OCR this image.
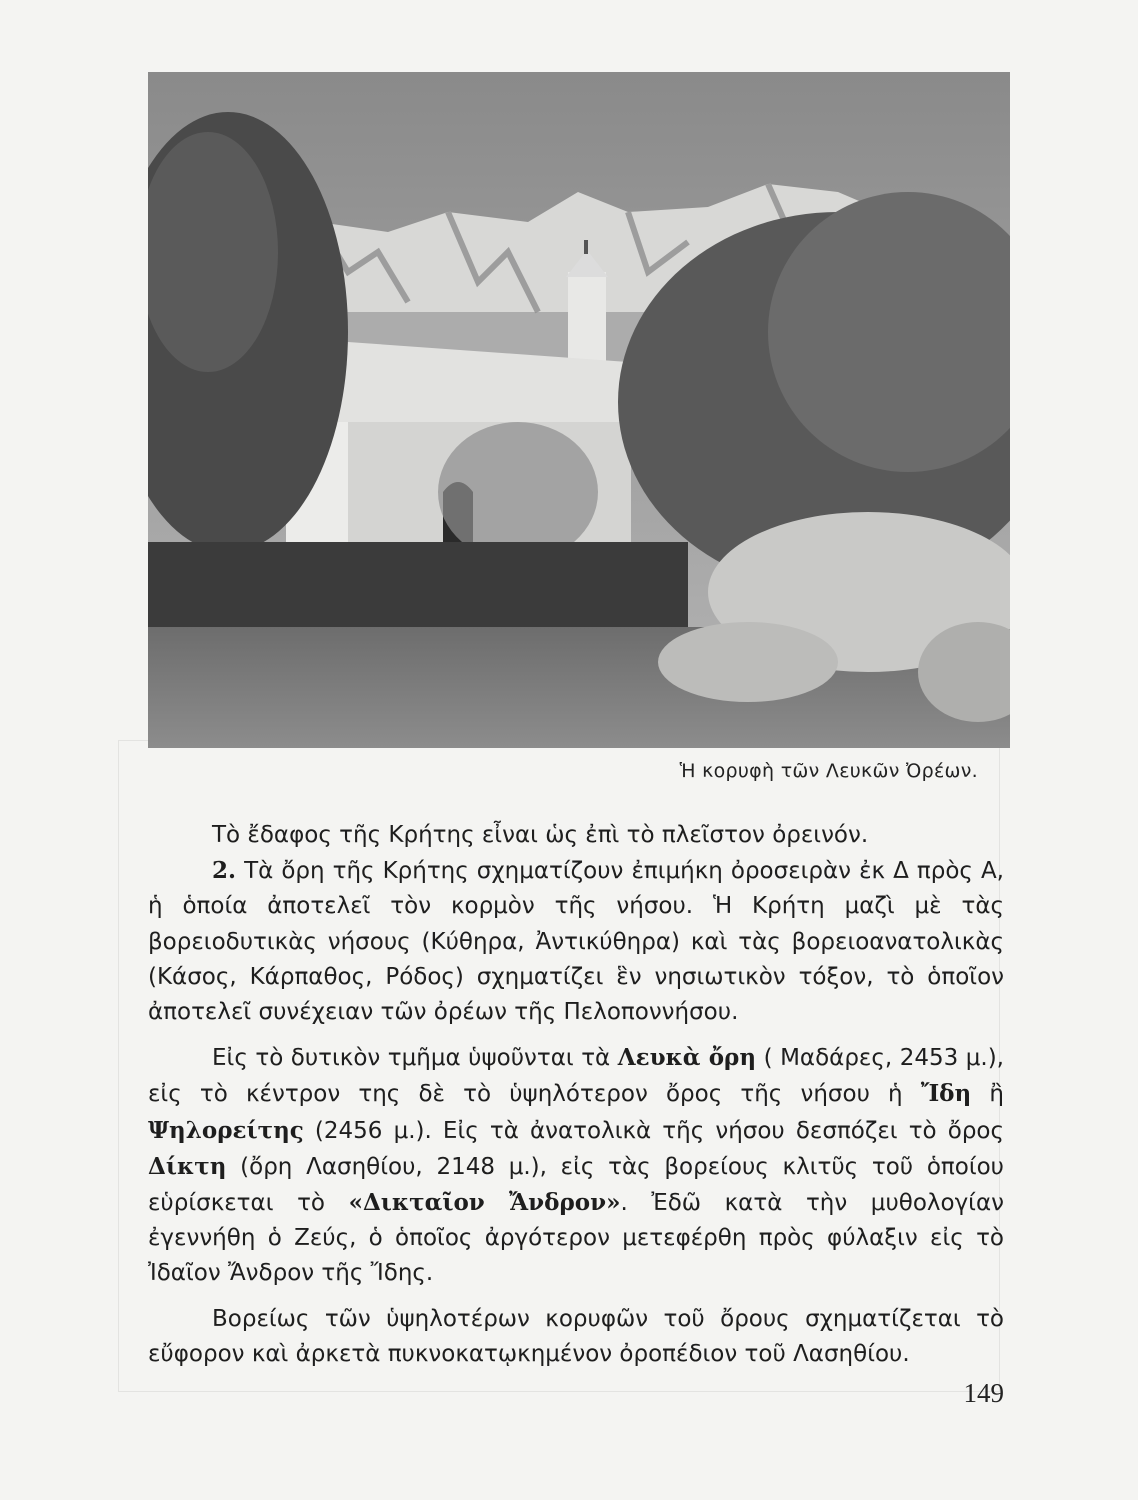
Ἡ κορυφὴ τῶν Λευκῶν Ὀρέων.

Τὸ ἔδαφος τῆς Κρήτης εἶναι ὡς ἐπὶ τὸ πλεῖστον ὀρεινόν.

2. Τὰ ὄρη τῆς Κρήτης σχηματίζουν ἐπιμήκη ὀροσειρὰν ἐκ Δ πρὸς Α, ἡ ὁποία ἀποτελεῖ τὸν κορμὸν τῆς νήσου. Ἡ Κρήτη μαζὶ μὲ τὰς βορειοδυτικὰς νήσους (Κύθηρα, Ἀντικύθηρα) καὶ τὰς βορειοανατολικὰς (Κάσος, Κάρπαθος, Ρόδος) σχηματίζει ἓν νησιωτικὸν τόξον, τὸ ὁποῖον ἀποτελεῖ συνέχειαν τῶν ὀρέων τῆς Πελοποννήσου.

Εἰς τὸ δυτικὸν τμῆμα ὑψοῦνται τὰ Λευκὰ ὄρη ( Μαδάρες, 2453 μ.), εἰς τὸ κέντρον της δὲ τὸ ὑψηλότερον ὄρος τῆς νήσου ἡ Ἴδη ἢ Ψηλορείτης (2456 μ.). Εἰς τὰ ἀνατολικὰ τῆς νήσου δεσπόζει τὸ ὄρος Δίκτη (ὄρη Λασηθίου, 2148 μ.), εἰς τὰς βορείους κλιτῦς τοῦ ὁποίου εὑρίσκεται τὸ «Δικταῖον Ἄνδρον». Ἐδῶ κατὰ τὴν μυθολογίαν ἐγεννήθη ὁ Ζεύς, ὁ ὁποῖος ἀργότερον μετεφέρθη πρὸς φύλαξιν εἰς τὸ Ἰδαῖον Ἄνδρον τῆς Ἴδης.

Βορείως τῶν ὑψηλοτέρων κορυφῶν τοῦ ὄρους σχηματίζεται τὸ εὔφορον καὶ ἀρκετὰ πυκνοκατῳκημένον ὀροπέδιον τοῦ Λασηθίου.

149
